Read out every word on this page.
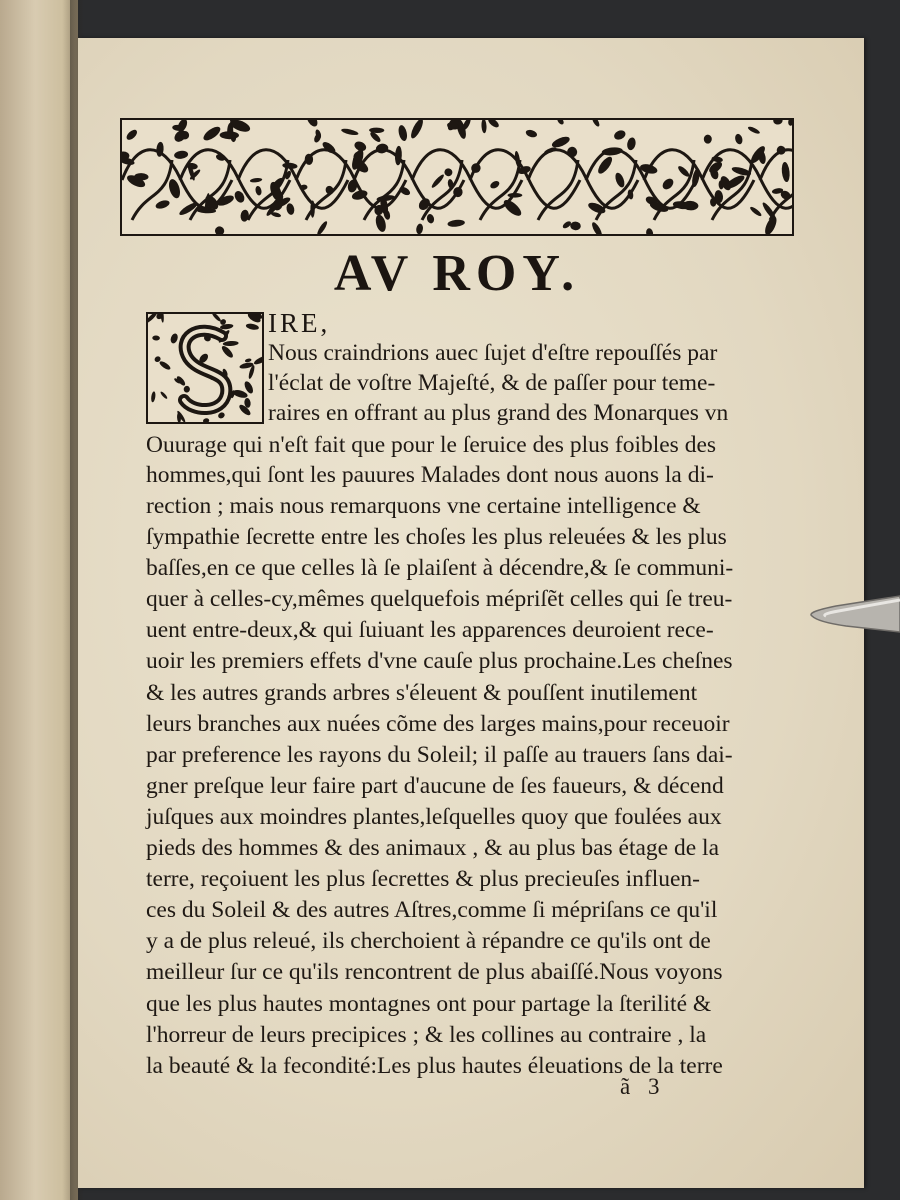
AV ROY.
IRE,
Nous craindrions auec ſujet d'eſtre repouſſés par
l'éclat de voſtre Majeſté, & de paſſer pour teme-
raires en offrant au plus grand des Monarques vn
Ouurage qui n'eſt fait que pour le ſeruice des plus foibles des
hommes,qui ſont les pauures Malades dont nous auons la di-
rection ; mais nous remarquons vne certaine intelligence &
ſympathie ſecrette entre les choſes les plus releuées & les plus
baſſes,en ce que celles là ſe plaiſent à décendre,& ſe communi-
quer à celles-cy,mêmes quelquefois mépriſẽt celles qui ſe treu-
uent entre-deux,& qui ſuiuant les apparences deuroient rece-
uoir les premiers effets d'vne cauſe plus prochaine.Les cheſnes
& les autres grands arbres s'éleuent & pouſſent inutilement
leurs branches aux nuées cõme des larges mains,pour receuoir
par preference les rayons du Soleil; il paſſe au trauers ſans dai-
gner preſque leur faire part d'aucune de ſes faueurs, & décend
juſques aux moindres plantes,leſquelles quoy que foulées aux
pieds des hommes & des animaux , & au plus bas étage de la
terre, reçoiuent les plus ſecrettes & plus precieuſes influen-
ces du Soleil & des autres Aſtres,comme ſi mépriſans ce qu'il
y a de plus releué, ils cherchoient à répandre ce qu'ils ont de
meilleur ſur ce qu'ils rencontrent de plus abaiſſé.Nous voyons
que les plus hautes montagnes ont pour partage la ſterilité &
l'horreur de leurs precipices ; & les collines au contraire , la
la beauté & la fecondité:Les plus hautes éleuations de la terre
ã 3
